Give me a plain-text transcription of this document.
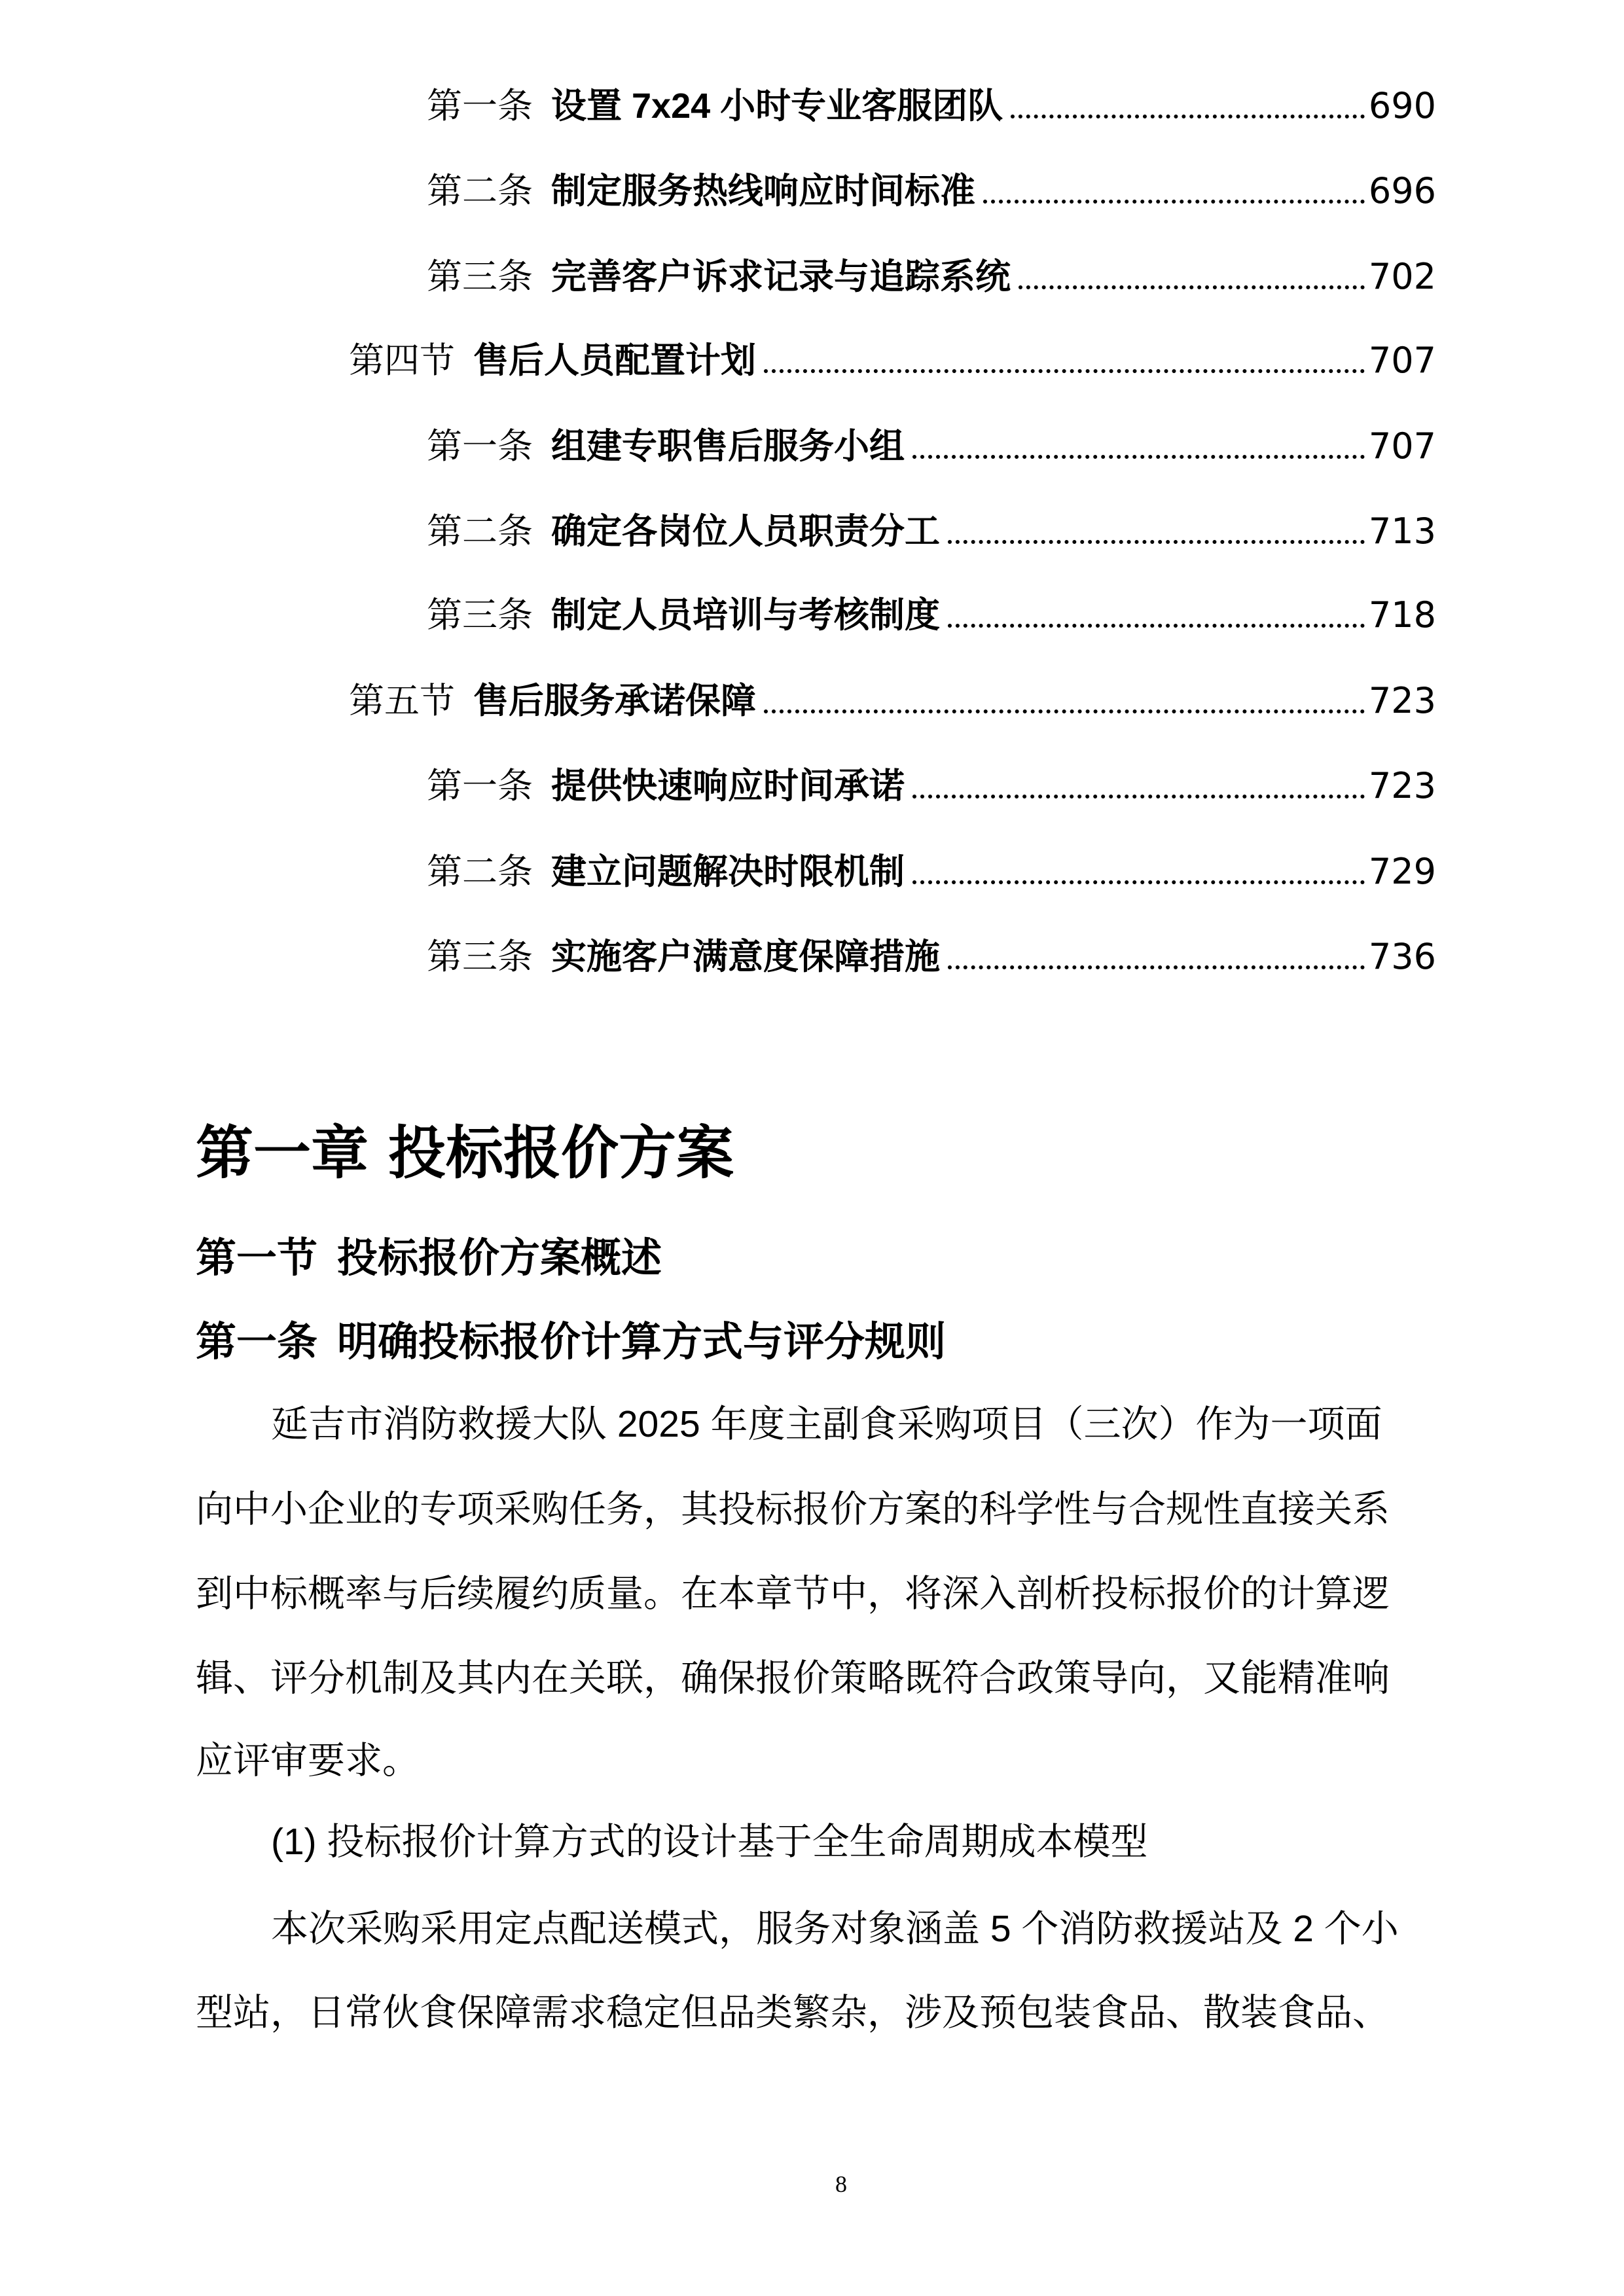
第一条 设置 7x24 小时专业客服团队	690
第二条 制定服务热线响应时间标准	696
第三条 完善客户诉求记录与追踪系统	702
第四节 售后人员配置计划	707
第一条 组建专职售后服务小组	707
第二条 确定各岗位人员职责分工	713
第三条 制定人员培训与考核制度	718
第五节 售后服务承诺保障	723
第一条 提供快速响应时间承诺	723
第二条 建立问题解决时限机制	729
第三条 实施客户满意度保障措施	736
第一章 投标报价方案
第一节 投标报价方案概述
第一条 明确投标报价计算方式与评分规则
延吉市消防救援大队 2025 年度主副食采购项目（三次）作为一项面
向中小企业的专项采购任务，其投标报价方案的科学性与合规性直接关系
到中标概率与后续履约质量。在本章节中，将深入剖析投标报价的计算逻
辑、评分机制及其内在关联，确保报价策略既符合政策导向，又能精准响
应评审要求。
(1) 投标报价计算方式的设计基于全生命周期成本模型
本次采购采用定点配送模式，服务对象涵盖 5 个消防救援站及 2 个小
型站，日常伙食保障需求稳定但品类繁杂，涉及预包装食品、散装食品、
8
